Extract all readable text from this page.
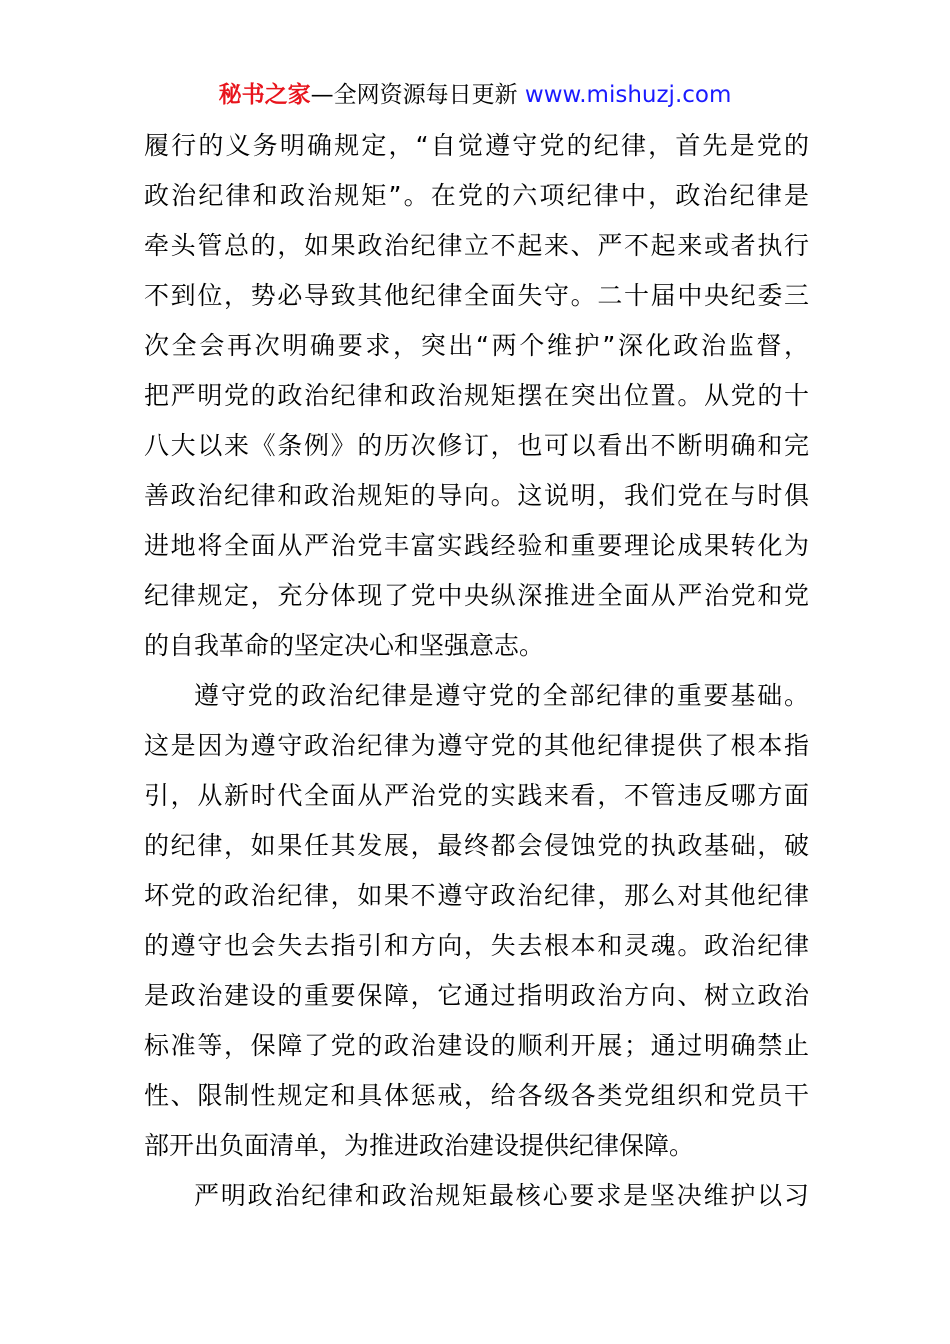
秘书之家—全网资源每日更新 www.mishuzj.com
履行的义务明确规定，“自觉遵守党的纪律，首先是党的
政治纪律和政治规矩”。在党的六项纪律中，政治纪律是
牵头管总的，如果政治纪律立不起来、严不起来或者执行
不到位，势必导致其他纪律全面失守。二十届中央纪委三
次全会再次明确要求，突出“两个维护”深化政治监督，
把严明党的政治纪律和政治规矩摆在突出位置。从党的十
八大以来《条例》的历次修订，也可以看出不断明确和完
善政治纪律和政治规矩的导向。这说明，我们党在与时俱
进地将全面从严治党丰富实践经验和重要理论成果转化为
纪律规定，充分体现了党中央纵深推进全面从严治党和党
的自我革命的坚定决心和坚强意志。
遵守党的政治纪律是遵守党的全部纪律的重要基础。
这是因为遵守政治纪律为遵守党的其他纪律提供了根本指
引，从新时代全面从严治党的实践来看，不管违反哪方面
的纪律，如果任其发展，最终都会侵蚀党的执政基础，破
坏党的政治纪律，如果不遵守政治纪律，那么对其他纪律
的遵守也会失去指引和方向，失去根本和灵魂。政治纪律
是政治建设的重要保障，它通过指明政治方向、树立政治
标准等，保障了党的政治建设的顺利开展；通过明确禁止
性、限制性规定和具体惩戒，给各级各类党组织和党员干
部开出负面清单，为推进政治建设提供纪律保障。
严明政治纪律和政治规矩最核心要求是坚决维护以习
